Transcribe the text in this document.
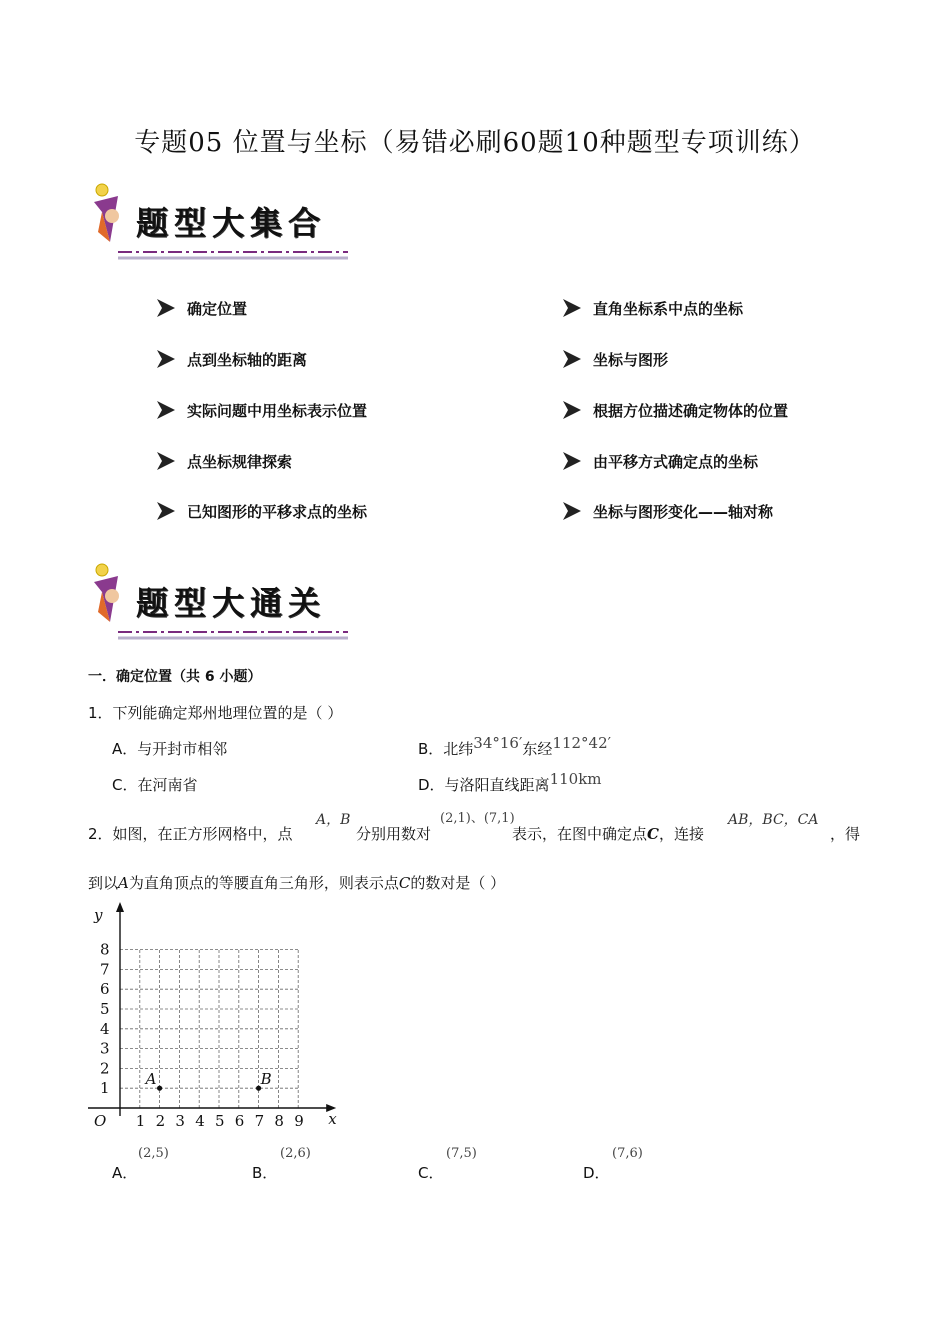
专题05 位置与坐标（易错必刷60题10种题型专项训练）
题型大集合
确定位置
点到坐标轴的距离
实际问题中用坐标表示位置
点坐标规律探索
已知图形的平移求点的坐标
直角坐标系中点的坐标
坐标与图形
根据方位描述确定物体的位置
由平移方式确定点的坐标
坐标与图形变化——轴对称
题型大通关
一．确定位置（共 6 小题）
1．下列能确定郑州地理位置的是（ ）
A．与开封市相邻	B．北纬34°16′东经112°42′
C．在河南省	D．与洛阳直线距离110km
2．如图，在正方形网格中，点
A，B
分别用数对
(2,1)、(7,1)
表示，在图中确定点C，连接
AB，BC，CA
，得
到以A为直角顶点的等腰直角三角形，则表示点C的数对是（ ）
x
y
O 1 2 3 4 5 6 7 8 9
1
2
3
4
5
6
7
8
A	B
A．
(2,5)
B．
(2,6)
C．
(7,5)
D．
(7,6)
